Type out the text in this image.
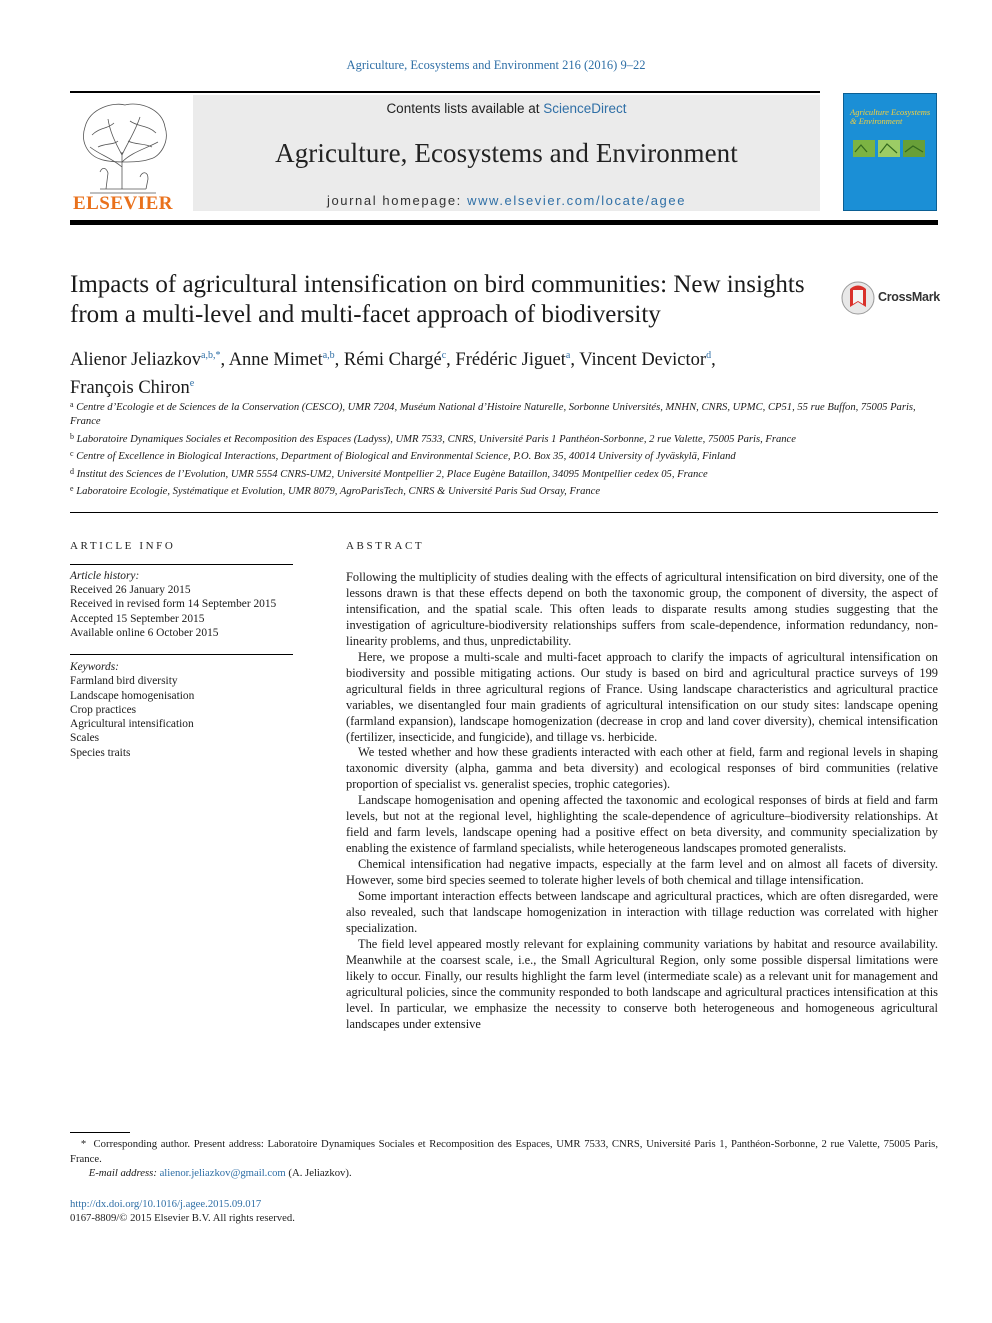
Agriculture, Ecosystems and Environment 216 (2016) 9–22
ELSEVIER
Contents lists available at ScienceDirect
Agriculture, Ecosystems and Environment
journal homepage: www.elsevier.com/locate/agee
Agriculture Ecosystems & Environment
Impacts of agricultural intensification on bird communities: New insights from a multi-level and multi-facet approach of biodiversity
CrossMark
Alienor Jeliazkov$^{a,b,*}$, Anne Mimet$^{a,b}$, Rémi Chargé$^c$, Frédéric Jiguet$^a$, Vincent Devictor$^d$,
François Chiron$^e$
$^a$ Centre d’Ecologie et de Sciences de la Conservation (CESCO), UMR 7204, Muséum National d’Histoire Naturelle, Sorbonne Universités, MNHN, CNRS, UPMC, CP51, 55 rue Buffon, 75005 Paris, France
$^b$ Laboratoire Dynamiques Sociales et Recomposition des Espaces (Ladyss), UMR 7533, CNRS, Université Paris 1 Panthéon-Sorbonne, 2 rue Valette, 75005 Paris, France
$^c$ Centre of Excellence in Biological Interactions, Department of Biological and Environmental Science, P.O. Box 35, 40014 University of Jyväskylä, Finland
$^d$ Institut des Sciences de l’Evolution, UMR 5554 CNRS-UM2, Université Montpellier 2, Place Eugène Bataillon, 34095 Montpellier cedex 05, France
$^e$ Laboratoire Ecologie, Systématique et Evolution, UMR 8079, AgroParisTech, CNRS & Université Paris Sud Orsay, France
ARTICLE INFO
Article history:
Received 26 January 2015
Received in revised form 14 September 2015
Accepted 15 September 2015
Available online 6 October 2015
Keywords:
Farmland bird diversity
Landscape homogenisation
Crop practices
Agricultural intensification
Scales
Species traits
ABSTRACT

Following the multiplicity of studies dealing with the effects of agricultural intensification on bird diversity, one of the lessons drawn is that these effects depend on both the taxonomic group, the component of diversity, the aspect of intensification, and the spatial scale. This often leads to disparate results among studies suggesting that the investigation of agriculture-biodiversity relationships suffers from scale-dependence, information redundancy, non-linearity problems, and thus, unpredictability.

Here, we propose a multi-scale and multi-facet approach to clarify the impacts of agricultural intensification on biodiversity and possible mitigating actions. Our study is based on bird and agricultural practice surveys of 199 agricultural fields in three agricultural regions of France. Using landscape characteristics and agricultural practice variables, we disentangled four main gradients of agricultural intensification on our study sites: landscape opening (farmland expansion), landscape homogenization (decrease in crop and land cover diversity), chemical intensification (fertilizer, insecticide, and fungicide), and tillage vs. herbicide.

We tested whether and how these gradients interacted with each other at field, farm and regional levels in shaping taxonomic diversity (alpha, gamma and beta diversity) and ecological responses of bird communities (relative proportion of specialist vs. generalist species, trophic categories).

Landscape homogenisation and opening affected the taxonomic and ecological responses of birds at field and farm levels, but not at the regional level, highlighting the scale-dependence of agriculture–biodiversity relationships. At field and farm levels, landscape opening had a positive effect on beta diversity, and community specialization by enabling the existence of farmland specialists, while heterogeneous landscapes promoted generalists.

Chemical intensification had negative impacts, especially at the farm level and on almost all facets of diversity. However, some bird species seemed to tolerate higher levels of both chemical and tillage intensification.

Some important interaction effects between landscape and agricultural practices, which are often disregarded, were also revealed, such that landscape homogenization in interaction with tillage reduction was correlated with higher specialization.

The field level appeared mostly relevant for explaining community variations by habitat and resource availability. Meanwhile at the coarsest scale, i.e., the Small Agricultural Region, only some possible dispersal limitations were likely to occur. Finally, our results highlight the farm level (intermediate scale) as a relevant unit for management and agricultural policies, since the community responded to both landscape and agricultural practices intensification at this level. In particular, we emphasize the necessity to conserve both heterogeneous and homogeneous agricultural landscapes under extensive

* Corresponding author. Present address: Laboratoire Dynamiques Sociales et Recomposition des Espaces, UMR 7533, CNRS, Université Paris 1, Panthéon-Sorbonne, 2 rue Valette, 75005 Paris, France.
E-mail address: alienor.jeliazkov@gmail.com (A. Jeliazkov).
http://dx.doi.org/10.1016/j.agee.2015.09.017
0167-8809/© 2015 Elsevier B.V. All rights reserved.
